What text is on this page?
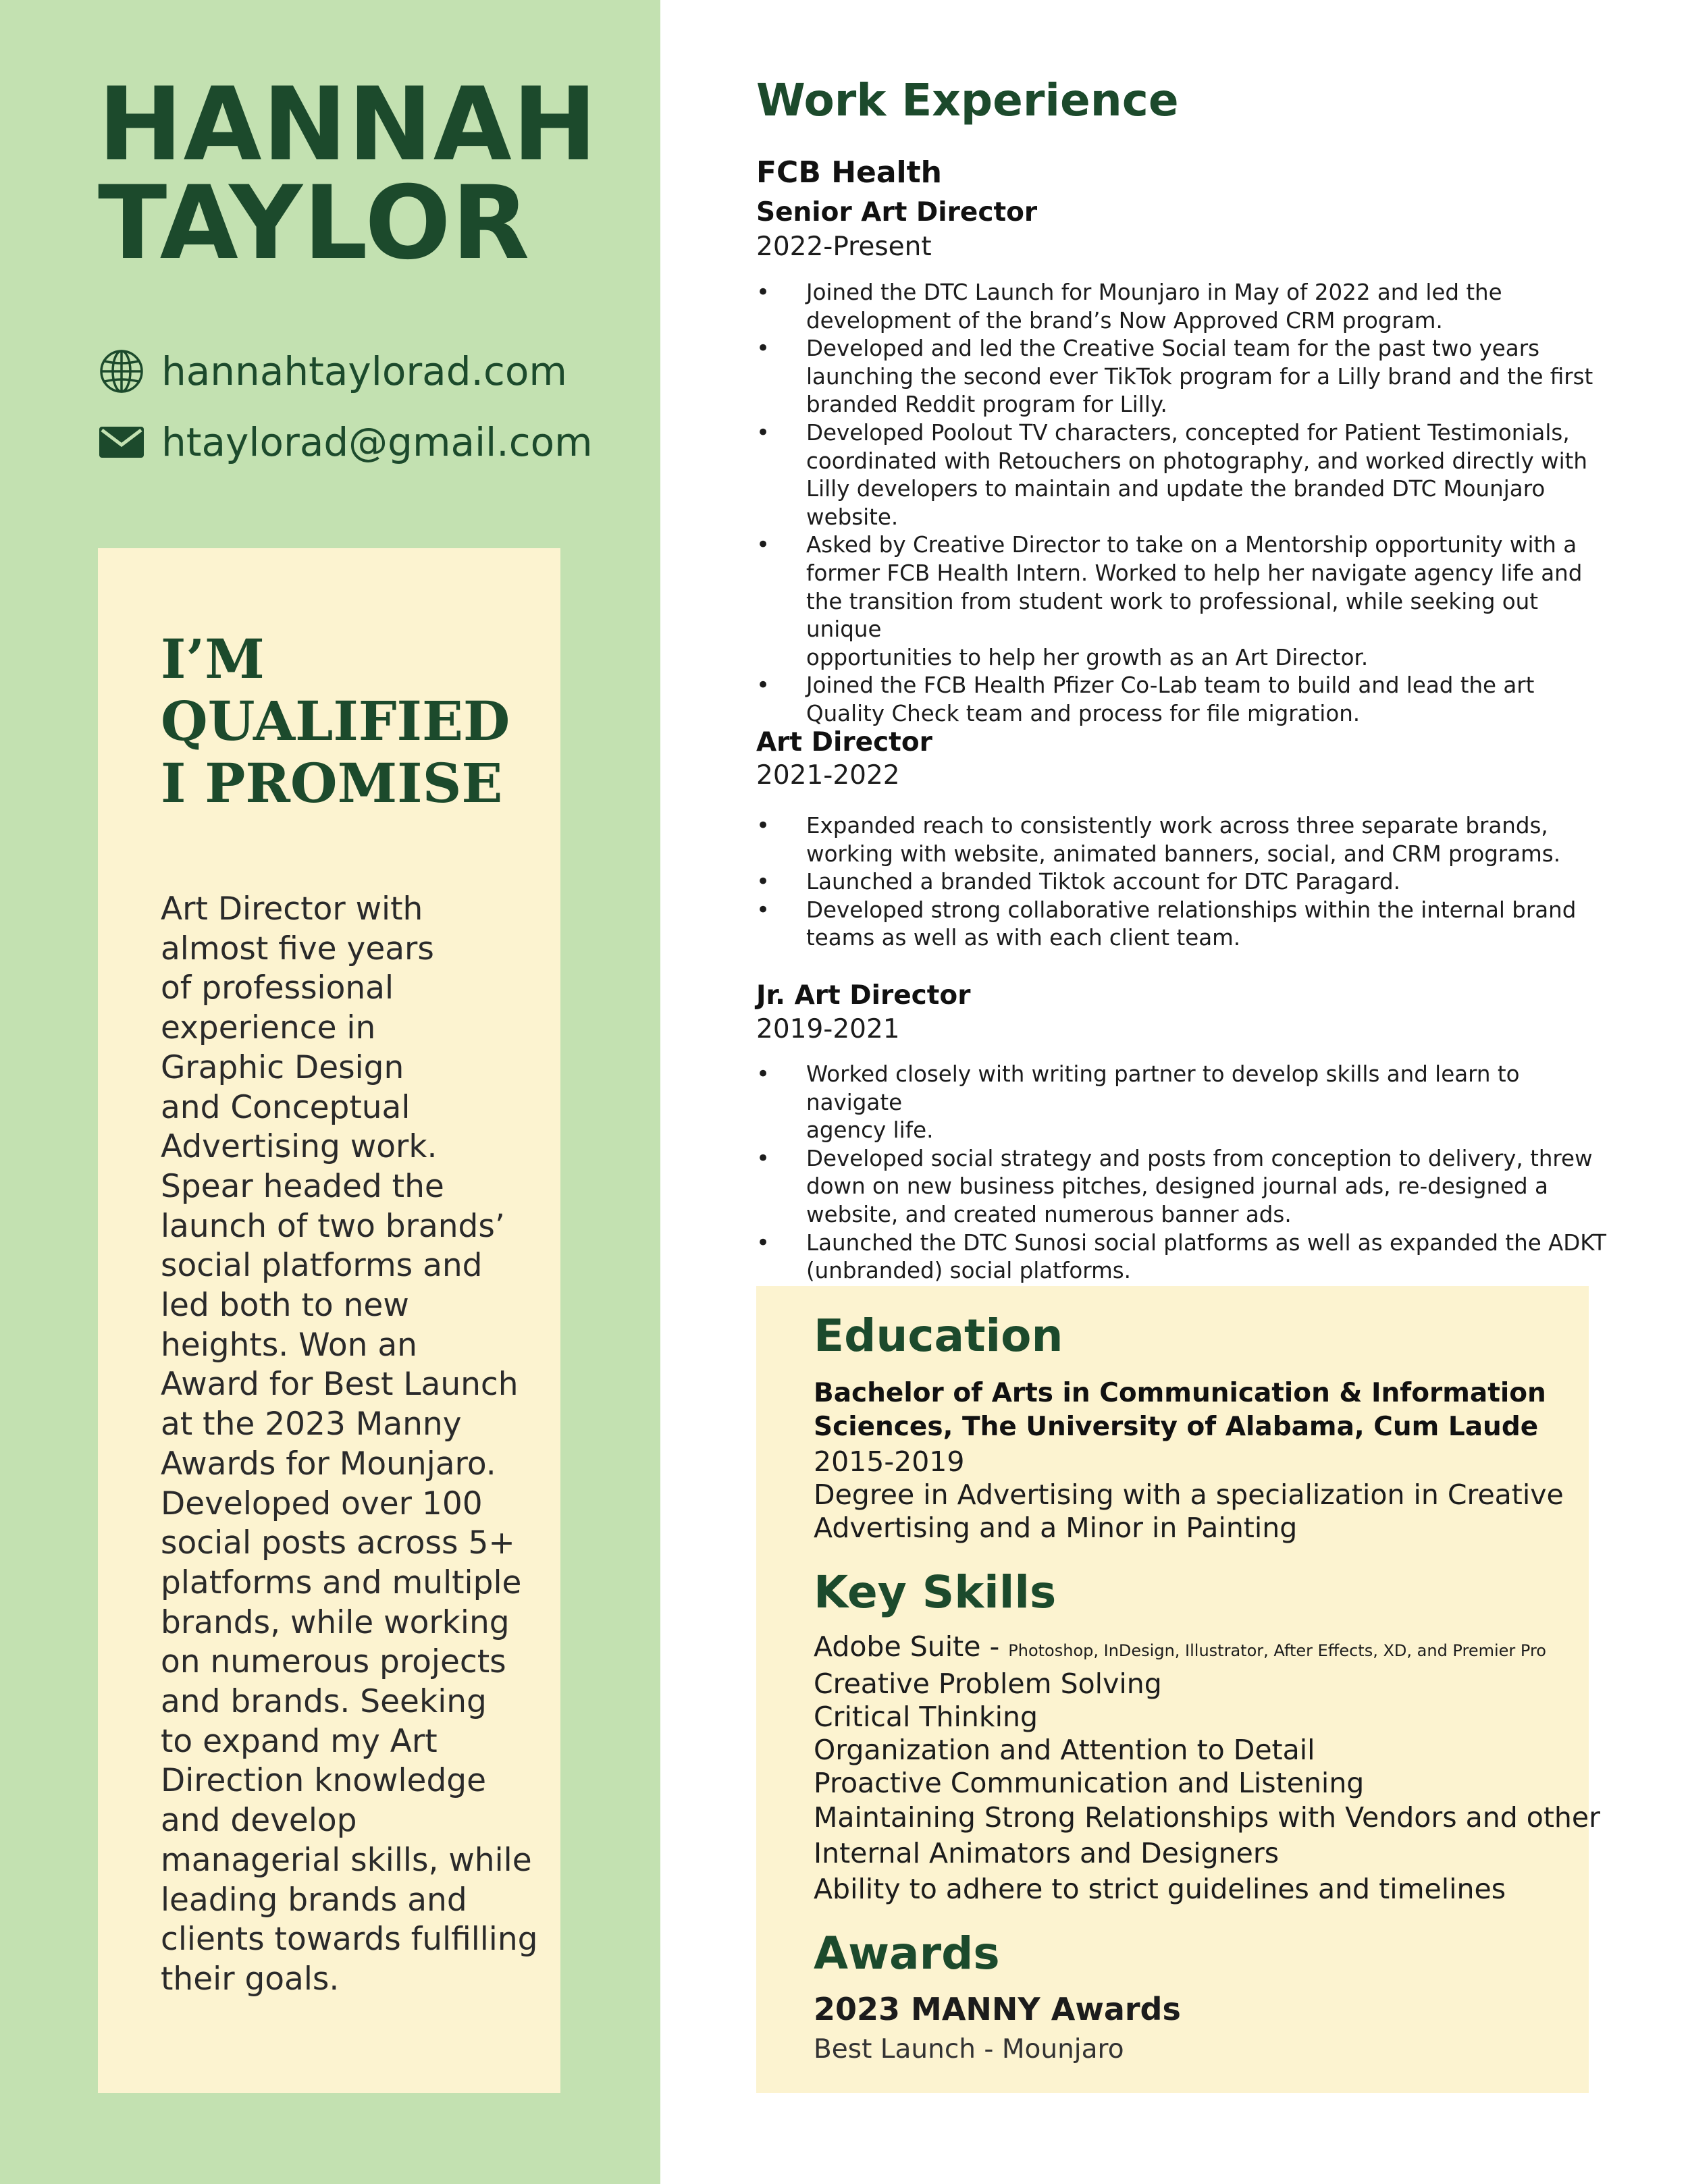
HANNAH
TAYLOR
hannahtaylorad.com
htaylorad@gmail.com
I’M
QUALIFIED
I PROMISE
Art Director with
almost five years
of professional
experience in
Graphic Design
and Conceptual
Advertising work.
Spear headed the
launch of two brands’
social platforms and
led both to new
heights. Won an
Award for Best Launch
at the 2023 Manny
Awards for Mounjaro.
Developed over 100
social posts across 5+
platforms and multiple
brands, while working
on numerous projects
and brands. Seeking
to expand my Art
Direction knowledge
and develop
managerial skills, while
leading brands and
clients towards fulfilling
their goals.
Work Experience
FCB Health
Senior Art Director
2022-Present
• Joined the DTC Launch for Mounjaro in May of 2022 and led the
development of the brand’s Now Approved CRM program.
• Developed and led the Creative Social team for the past two years
launching the second ever TikTok program for a Lilly brand and the first
branded Reddit program for Lilly.
• Developed Poolout TV characters, concepted for Patient Testimonials,
coordinated with Retouchers on photography, and worked directly with
Lilly developers to maintain and update the branded DTC Mounjaro
website.
• Asked by Creative Director to take on a Mentorship opportunity with a
former FCB Health Intern. Worked to help her navigate agency life and
the transition from student work to professional, while seeking out unique
opportunities to help her growth as an Art Director.
• Joined the FCB Health Pfizer Co-Lab team to build and lead the art
Quality Check team and process for file migration.
Art Director
2021-2022
• Expanded reach to consistently work across three separate brands,
working with website, animated banners, social, and CRM programs.
• Launched a branded Tiktok account for DTC Paragard.
• Developed strong collaborative relationships within the internal brand
teams as well as with each client team.
Jr. Art Director
2019-2021
• Worked closely with writing partner to develop skills and learn to navigate
agency life.
• Developed social strategy and posts from conception to delivery, threw
down on new business pitches, designed journal ads, re-designed a
website, and created numerous banner ads.
• Launched the DTC Sunosi social platforms as well as expanded the ADKT
(unbranded) social platforms.
Education
Bachelor of Arts in Communication & Information
Sciences, The University of Alabama, Cum Laude
2015-2019
Degree in Advertising with a specialization in Creative
Advertising and a Minor in Painting
Key Skills
Adobe Suite - Photoshop, InDesign, Illustrator, After Effects, XD, and Premier Pro
Creative Problem Solving
Critical Thinking
Organization and Attention to Detail
Proactive Communication and Listening
Maintaining Strong Relationships with Vendors and other
Internal Animators and Designers
Ability to adhere to strict guidelines and timelines
Awards
2023 MANNY Awards
Best Launch - Mounjaro
